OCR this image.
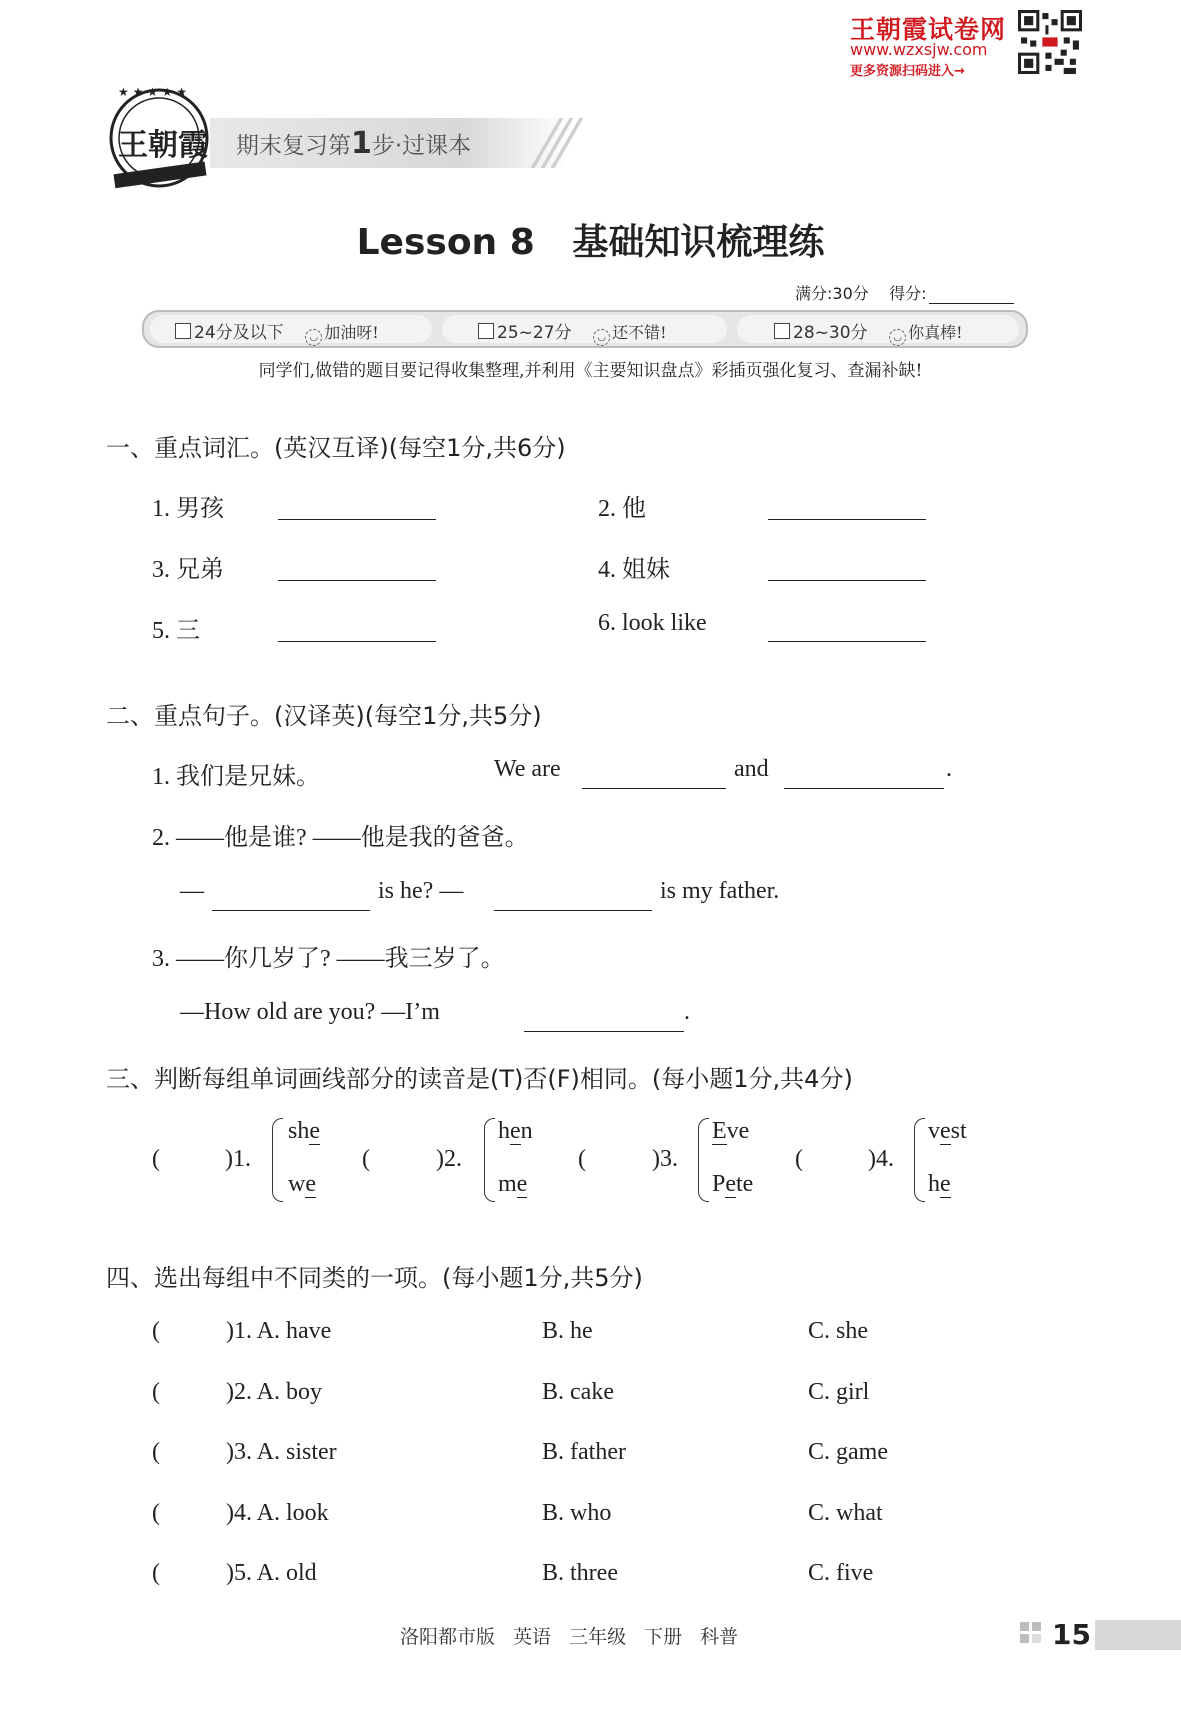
王朝霞试卷网
www.wzxsjw.com
更多资源扫码进入→
★ ★ ★ ★ ★
王朝霞 期末复习第1步·过课本
Lesson 8   基础知识梳理练
满分:30分 得分:
24分及以下	◡ 加油呀!	25~27分	◡ 还不错!	28~30分	◡ 你真棒!
同学们,做错的题目要记得收集整理,并利用《主要知识盘点》彩插页强化复习、查漏补缺!
一、重点词汇。(英汉互译)(每空1分,共6分)
1. 男孩	2. 他
3. 兄弟	4. 姐妹
5. 三	6. look like
二、重点句子。(汉译英)(每空1分,共5分)
1. 我们是兄妹。	We are	and	.
2. ——他是谁? ——他是我的爸爸。
—	is he? —	is my father.
3. ——你几岁了? ——我三岁了。
—How old are you? —I’m	.
三、判断每组单词画线部分的读音是(T)否(F)相同。(每小题1分,共4分)
(	)1.
she
we
(	)2.
hen
me
(	)3.
Eve
Pete
(	)4.
vest
he
四、选出每组中不同类的一项。(每小题1分,共5分)
(	)1. A. have	B. he	C. she
(	)2. A. boy	B. cake	C. girl
(	)3. A. sister	B. father	C. game
(	)4. A. look	B. who	C. what
(	)5. A. old	B. three	C. five
洛阳都市版 英语 三年级 下册 科普	15
